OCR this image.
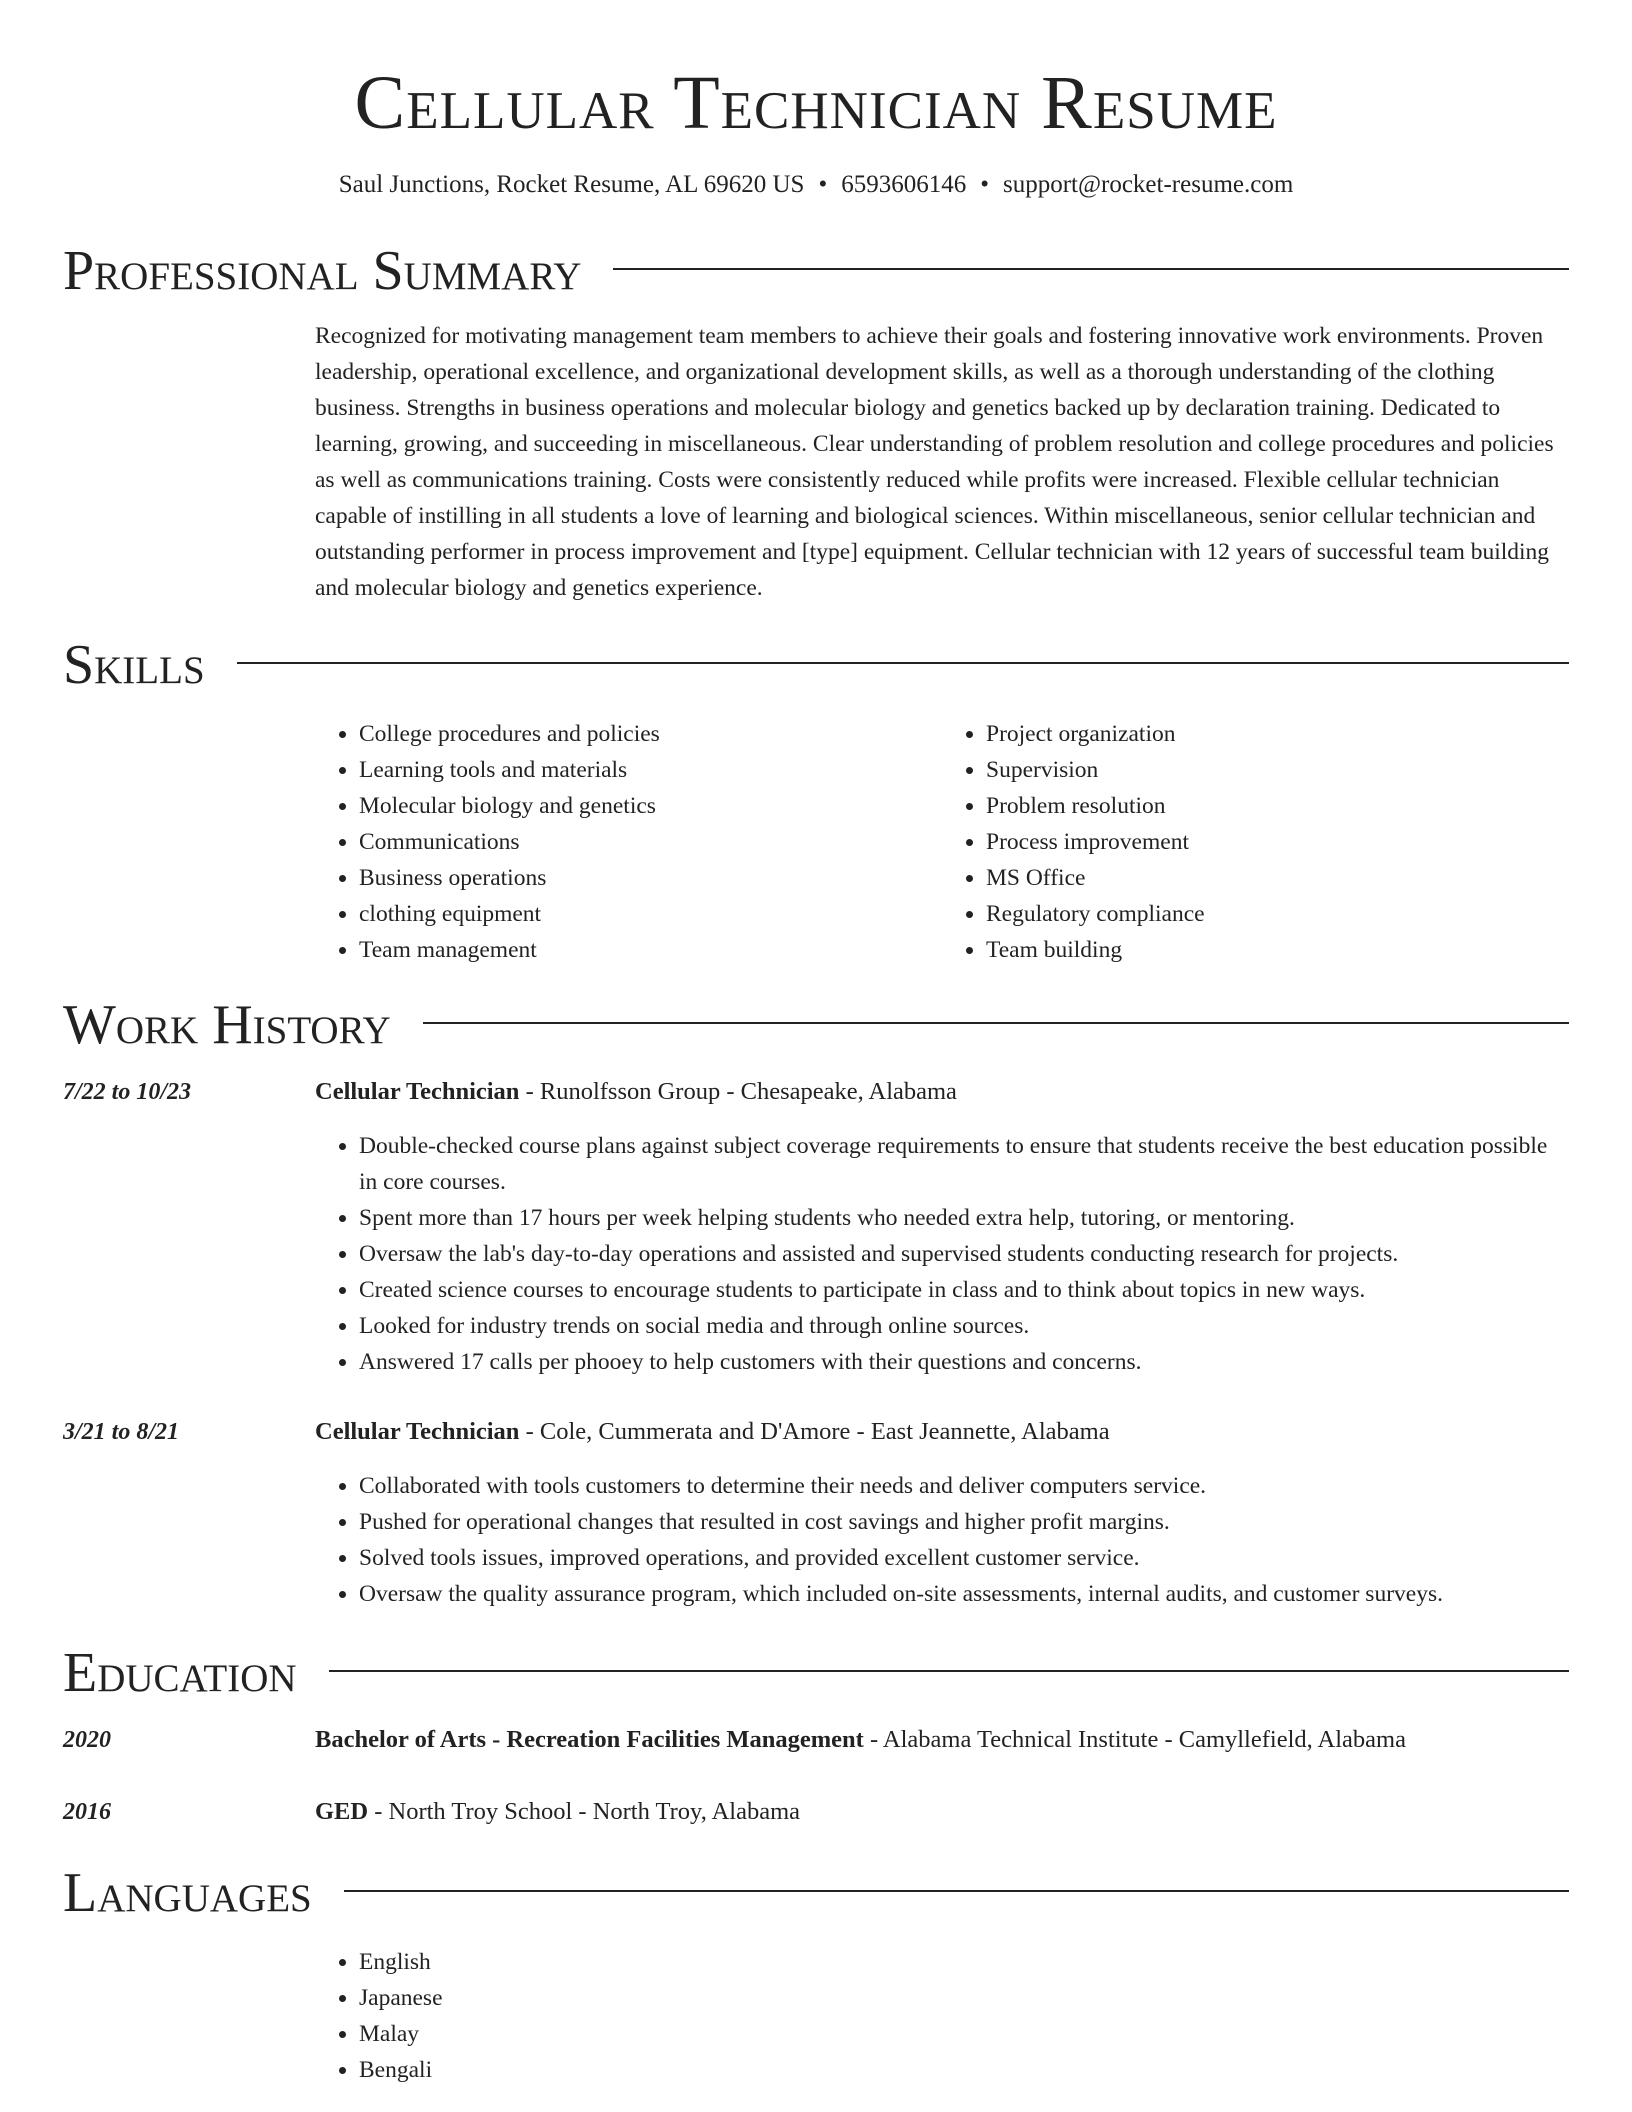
Cellular Technician Resume
Saul Junctions, Rocket Resume, AL 69620 US • 6593606146 • support@rocket-resume.com
Professional Summary

Recognized for motivating management team members to achieve their goals and fostering innovative work environments. Proven leadership, operational excellence, and organizational development skills, as well as a thorough understanding of the clothing business. Strengths in business operations and molecular biology and genetics backed up by declaration training. Dedicated to learning, growing, and succeeding in miscellaneous. Clear understanding of problem resolution and college procedures and policies as well as communications training. Costs were consistently reduced while profits were increased. Flexible cellular technician capable of instilling in all students a love of learning and biological sciences. Within miscellaneous, senior cellular technician and outstanding performer in process improvement and [type] equipment. Cellular technician with 12 years of successful team building and molecular biology and genetics experience.

Skills
• College procedures and policies
• Learning tools and materials
• Molecular biology and genetics
• Communications
• Business operations
• clothing equipment
• Team management
• Project organization
• Supervision
• Problem resolution
• Process improvement
• MS Office
• Regulatory compliance
• Team building
Work History
7/22 to 10/23	Cellular Technician - Runolfsson Group - Chesapeake, Alabama
• Double-checked course plans against subject coverage requirements to ensure that students receive the best education possible in core courses.
• Spent more than 17 hours per week helping students who needed extra help, tutoring, or mentoring.
• Oversaw the lab's day-to-day operations and assisted and supervised students conducting research for projects.
• Created science courses to encourage students to participate in class and to think about topics in new ways.
• Looked for industry trends on social media and through online sources.
• Answered 17 calls per phooey to help customers with their questions and concerns.
3/21 to 8/21	Cellular Technician - Cole, Cummerata and D'Amore - East Jeannette, Alabama
• Collaborated with tools customers to determine their needs and deliver computers service.
• Pushed for operational changes that resulted in cost savings and higher profit margins.
• Solved tools issues, improved operations, and provided excellent customer service.
• Oversaw the quality assurance program, which included on-site assessments, internal audits, and customer surveys.
Education
2020	Bachelor of Arts - Recreation Facilities Management - Alabama Technical Institute - Camyllefield, Alabama
2016	GED - North Troy School - North Troy, Alabama
Languages
• English
• Japanese
• Malay
• Bengali
